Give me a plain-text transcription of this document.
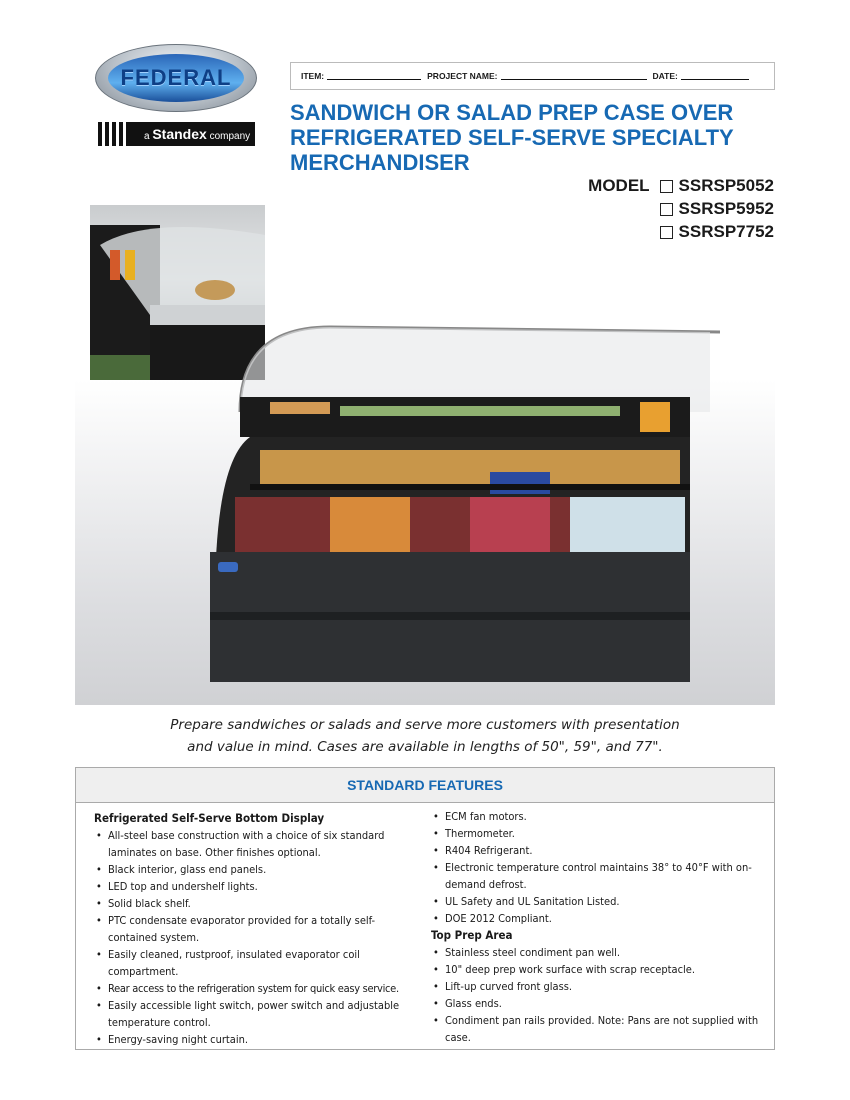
FEDERAL
a Standex company
ITEM:	PROJECT NAME:	DATE:
SANDWICH OR SALAD PREP CASE OVER REFRIGERATED SELF-SERVE SPECIALTY MERCHANDISER
MODEL SSRSP5052
SSRSP5952
SSRSP7752
Prepare sandwiches or salads and serve more customers with presentation
and value in mind. Cases are available in lengths of 50", 59", and 77".
STANDARD FEATURES
Refrigerated Self-Serve Bottom Display
• All-steel base construction with a choice of six standard laminates on base. Other finishes optional.
• Black interior, glass end panels.
• LED top and undershelf lights.
• Solid black shelf.
• PTC condensate evaporator provided for a totally self-contained system.
• Easily cleaned, rustproof, insulated evaporator coil compartment.
• Rear access to the refrigeration system for quick easy service.
• Easily accessible light switch, power switch and adjustable temperature control.
• Energy-saving night curtain.
• ECM fan motors.
• Thermometer.
• R404 Refrigerant.
• Electronic temperature control maintains 38° to 40°F with on-demand defrost.
• UL Safety and UL Sanitation Listed.
• DOE 2012 Compliant.
Top Prep Area
• Stainless steel condiment pan well.
• 10" deep prep work surface with scrap receptacle.
• Lift-up curved front glass.
• Glass ends.
• Condiment pan rails provided. Note: Pans are not supplied with case.
